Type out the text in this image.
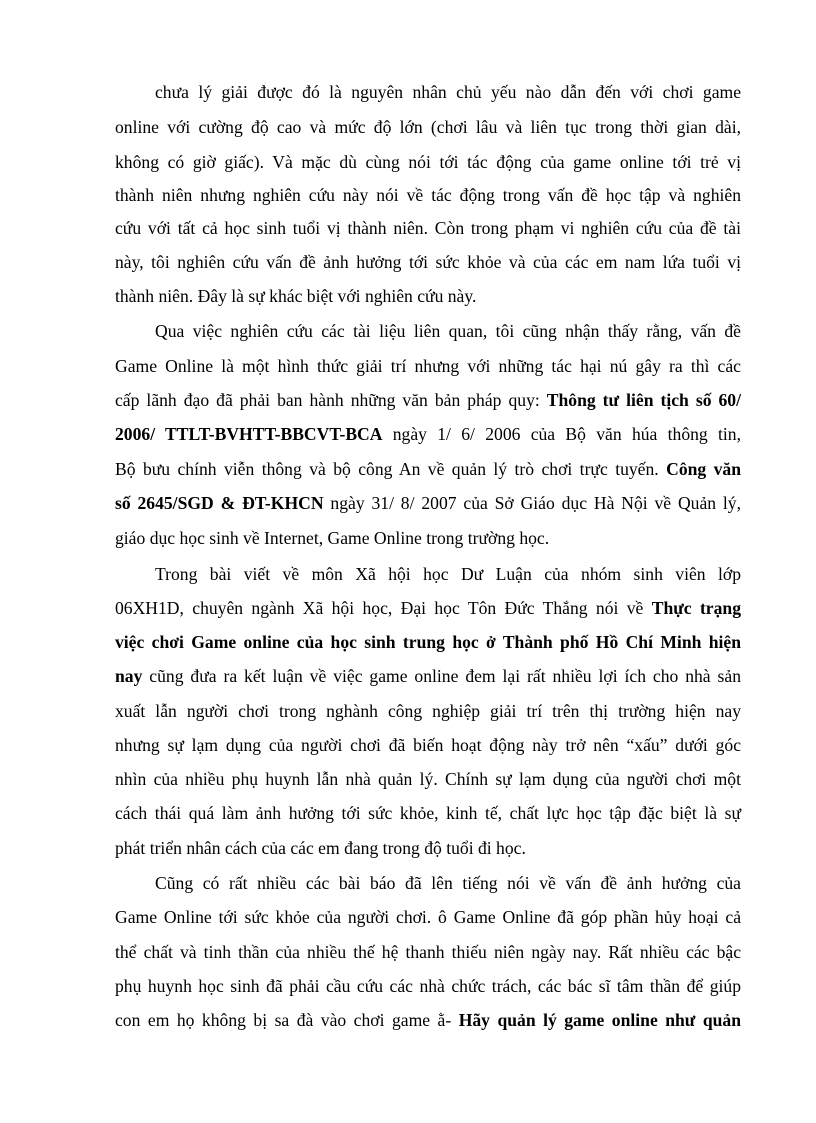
chưa lý giải được đó là nguyên nhân chủ yếu nào dẫn đến với chơi game
online với cường độ cao và mức độ lớn (chơi lâu và liên tục trong thời gian dài,
không có giờ giấc). Và mặc dù cùng nói tới tác động của game online tới trẻ vị
thành niên nhưng nghiên cứu này nói về tác động trong vấn đề học tập và nghiên
cứu với tất cả học sinh tuổi vị thành niên. Còn trong phạm vi nghiên cứu của đề tài
này, tôi nghiên cứu vấn đề ảnh hưởng tới sức khỏe và của các em nam lứa tuổi vị
thành niên. Đây là sự khác biệt với nghiên cứu này.
Qua việc nghiên cứu các tài liệu liên quan, tôi cũng nhận thấy rằng, vấn đề
Game Online là một hình thức giải trí nhưng với những tác hại nú gây ra thì các
cấp lãnh đạo đã phải ban hành những văn bản pháp quy: Thông tư liên tịch số 60/
2006/ TTLT-BVHTT-BBCVT-BCA ngày 1/ 6/ 2006 của Bộ văn húa thông tin,
Bộ bưu chính viễn thông và bộ công An về quản lý trò chơi trực tuyến. Công văn
số 2645/SGD & ĐT-KHCN ngày 31/ 8/ 2007 của Sở Giáo dục Hà Nội về Quản lý,
giáo dục học sinh về Internet, Game Online trong trường học.
Trong bài viết về môn Xã hội học Dư Luận của nhóm sinh viên lớp
06XH1D, chuyên ngành Xã hội học, Đại học Tôn Đức Thắng nói về Thực trạng
việc chơi Game online của học sinh trung học ở Thành phố Hồ Chí Minh hiện
nay cũng đưa ra kết luận về việc game online đem lại rất nhiều lợi ích cho nhà sản
xuất lẫn người chơi trong nghành công nghiệp giải trí trên thị trường hiện nay
nhưng sự lạm dụng của người chơi đã biến hoạt động này trở nên “xấu” dưới góc
nhìn của nhiều phụ huynh lẫn nhà quản lý. Chính sự lạm dụng của người chơi một
cách thái quá làm ảnh hưởng tới sức khỏe, kinh tế, chất lực học tập đặc biệt là sự
phát triển nhân cách của các em đang trong độ tuổi đi học.
Cũng có rất nhiều các bài báo đã lên tiếng nói về vấn đề ảnh hưởng của
Game Online tới sức khỏe của người chơi. ô Game Online đã góp phần hủy hoại cả
thể chất và tinh thần của nhiều thế hệ thanh thiếu niên ngày nay. Rất nhiều các bậc
phụ huynh học sinh đã phải cầu cứu các nhà chức trách, các bác sĩ tâm thần để giúp
con em họ không bị sa đà vào chơi game ằ- Hãy quản lý game online như quản
